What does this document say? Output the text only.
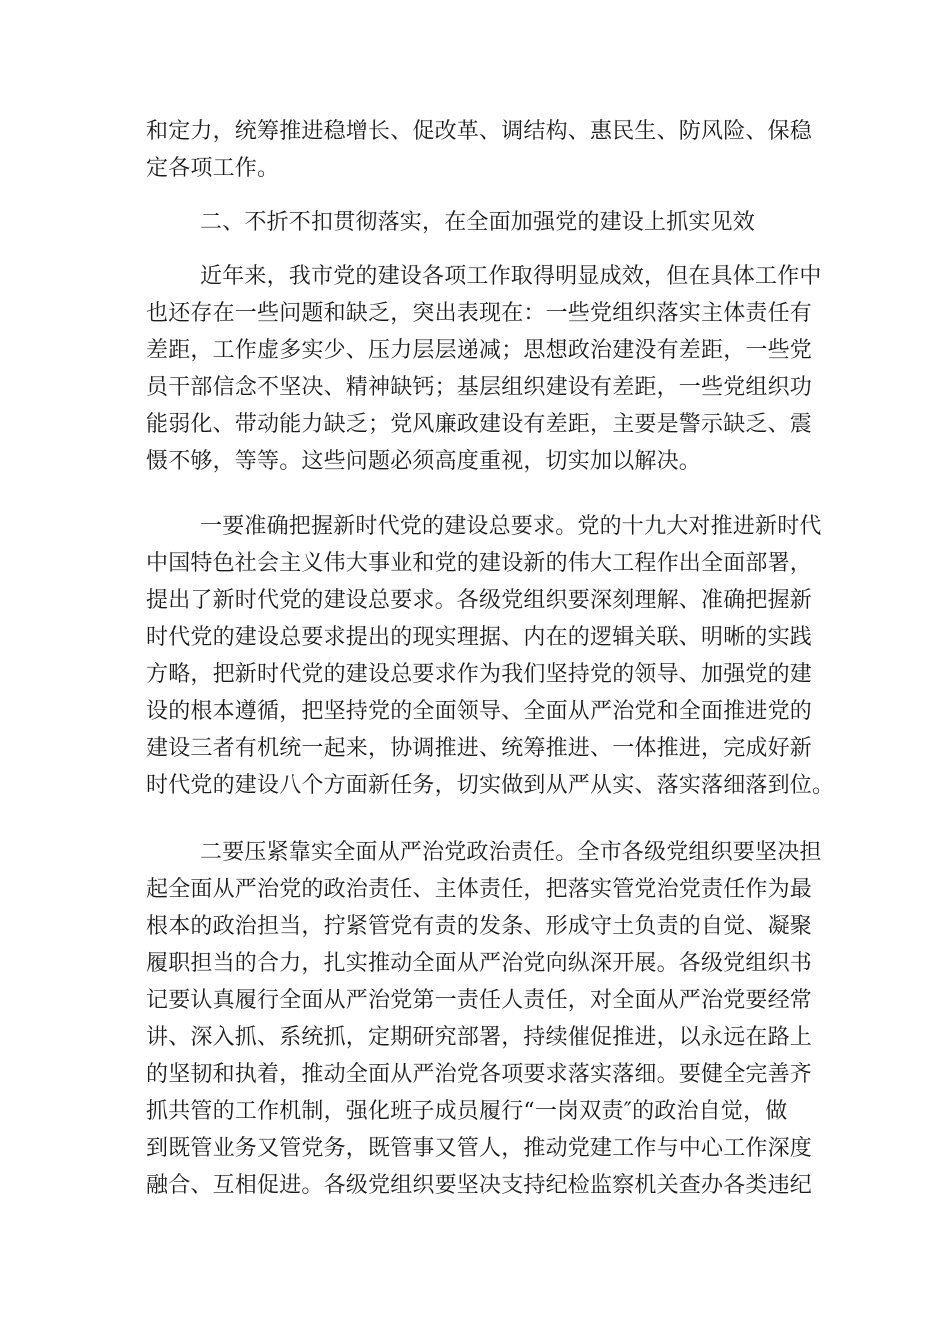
和定力，统筹推进稳增长、促改革、调结构、惠民生、防风险、保稳
定各项工作。
二、不折不扣贯彻落实，在全面加强党的建设上抓实见效
近年来，我市党的建设各项工作取得明显成效，但在具体工作中
也还存在一些问题和缺乏，突出表现在：一些党组织落实主体责任有
差距，工作虚多实少、压力层层递减；思想政治建没有差距，一些党
员干部信念不坚决、精神缺钙；基层组织建设有差距，一些党组织功
能弱化、带动能力缺乏；党风廉政建设有差距，主要是警示缺乏、震
慑不够，等等。这些问题必须高度重视，切实加以解决。
一要准确把握新时代党的建设总要求。党的十九大对推进新时代
中国特色社会主义伟大事业和党的建设新的伟大工程作出全面部署，
提出了新时代党的建设总要求。各级党组织要深刻理解、准确把握新
时代党的建设总要求提出的现实理据、内在的逻辑关联、明晰的实践
方略，把新时代党的建设总要求作为我们坚持党的领导、加强党的建
设的根本遵循，把坚持党的全面领导、全面从严治党和全面推进党的
建设三者有机统一起来，协调推进、统筹推进、一体推进，完成好新
时代党的建设八个方面新任务，切实做到从严从实、落实落细落到位。
二要压紧靠实全面从严治党政治责任。全市各级党组织要坚决担
起全面从严治党的政治责任、主体责任，把落实管党治党责任作为最
根本的政治担当，拧紧管党有责的发条、形成守土负责的自觉、凝聚
履职担当的合力，扎实推动全面从严治党向纵深开展。各级党组织书
记要认真履行全面从严治党第一责任人责任，对全面从严治党要经常
讲、深入抓、系统抓，定期研究部署，持续催促推进，以永远在路上
的坚韧和执着，推动全面从严治党各项要求落实落细。要健全完善齐
抓共管的工作机制，强化班子成员履行“一岗双责″的政治自觉，做
到既管业务又管党务，既管事又管人，推动党建工作与中心工作深度
融合、互相促进。各级党组织要坚决支持纪检监察机关查办各类违纪
